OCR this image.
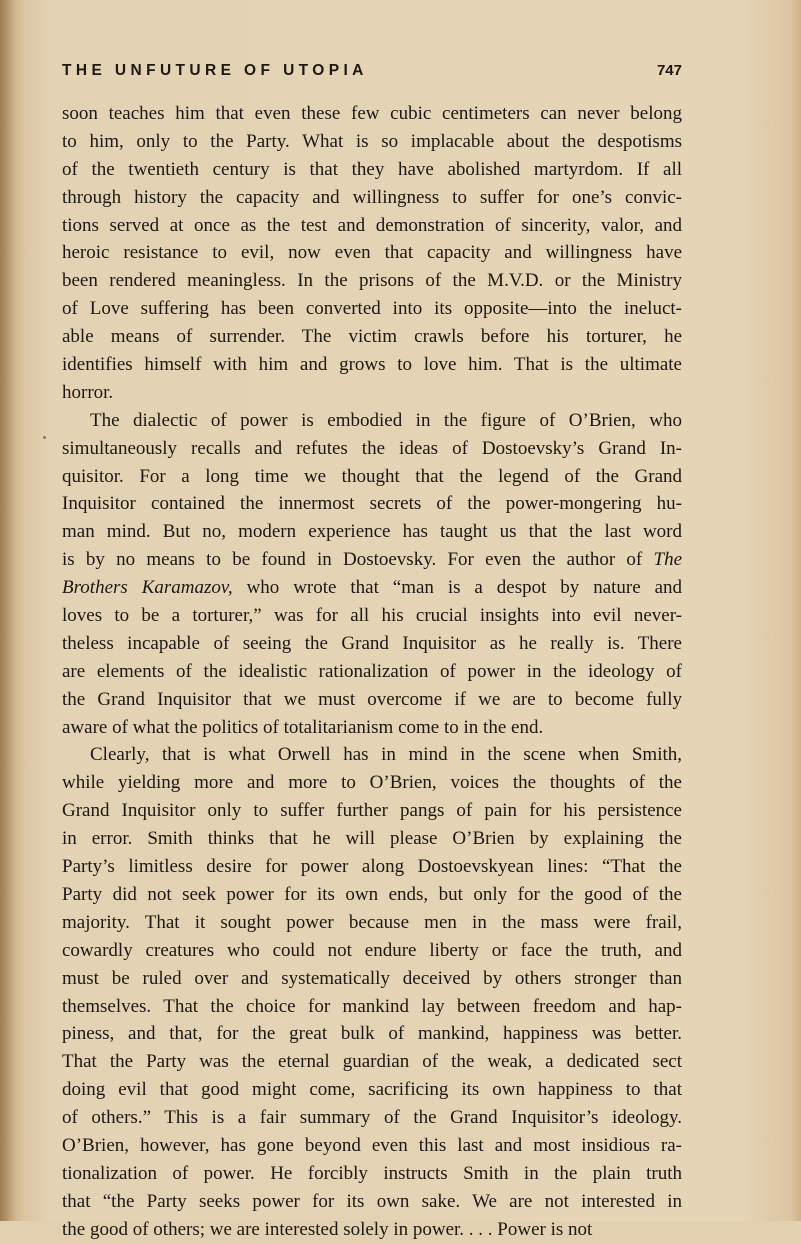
THE UNFUTURE OF UTOPIA	747
soon teaches him that even these few cubic centimeters can never belong
to him, only to the Party. What is so implacable about the despotisms
of the twentieth century is that they have abolished martyrdom. If all
through history the capacity and willingness to suffer for one’s convic-
tions served at once as the test and demonstration of sincerity, valor, and
heroic resistance to evil, now even that capacity and willingness have
been rendered meaningless. In the prisons of the M.V.D. or the Ministry
of Love suffering has been converted into its opposite—into the ineluct-
able means of surrender. The victim crawls before his torturer, he
identifies himself with him and grows to love him. That is the ultimate
horror.
The dialectic of power is embodied in the figure of O’Brien, who
simultaneously recalls and refutes the ideas of Dostoevsky’s Grand In-
quisitor. For a long time we thought that the legend of the Grand
Inquisitor contained the innermost secrets of the power-mongering hu-
man mind. But no, modern experience has taught us that the last word
is by no means to be found in Dostoevsky. For even the author of The
Brothers Karamazov, who wrote that “man is a despot by nature and
loves to be a torturer,” was for all his crucial insights into evil never-
theless incapable of seeing the Grand Inquisitor as he really is. There
are elements of the idealistic rationalization of power in the ideology of
the Grand Inquisitor that we must overcome if we are to become fully
aware of what the politics of totalitarianism come to in the end.
Clearly, that is what Orwell has in mind in the scene when Smith,
while yielding more and more to O’Brien, voices the thoughts of the
Grand Inquisitor only to suffer further pangs of pain for his persistence
in error. Smith thinks that he will please O’Brien by explaining the
Party’s limitless desire for power along Dostoevskyean lines: “That the
Party did not seek power for its own ends, but only for the good of the
majority. That it sought power because men in the mass were frail,
cowardly creatures who could not endure liberty or face the truth, and
must be ruled over and systematically deceived by others stronger than
themselves. That the choice for mankind lay between freedom and hap-
piness, and that, for the great bulk of mankind, happiness was better.
That the Party was the eternal guardian of the weak, a dedicated sect
doing evil that good might come, sacrificing its own happiness to that
of others.” This is a fair summary of the Grand Inquisitor’s ideology.
O’Brien, however, has gone beyond even this last and most insidious ra-
tionalization of power. He forcibly instructs Smith in the plain truth
that “the Party seeks power for its own sake. We are not interested in
the good of others; we are interested solely in power. . . . Power is not
